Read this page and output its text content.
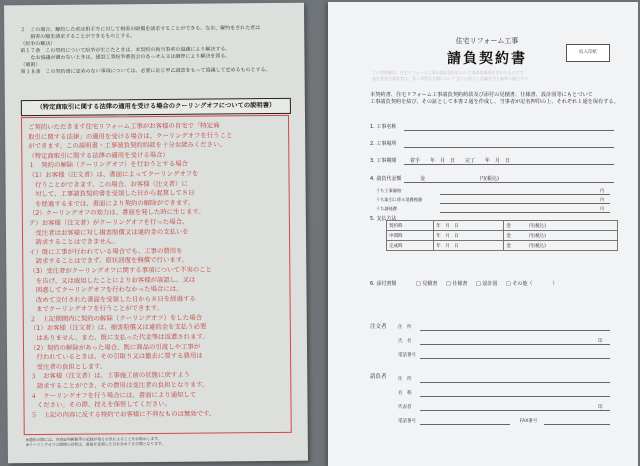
２　この場合、解約した者は相手方に対して損害の賠償を請求することができる。なお、解約をされた者は
　　損害の額を請求することができるものとする。
（紛争の解決）
第１７条　この契約について紛争が生じたときは、本契約の両当事者の協議により解決する。
　　なお協議が調わないときは、建設工事紛争審査会のあっせん又は調停により解決を図る。
（補則）
第１８条　この契約書に定めのない事項については、必要に応じ甲乙誠意をもって協議して定めるものとする。
（特定商取引に関する法律の適用を受ける場合のクーリングオフについての説明書）
ご契約いただきます住宅リフォーム工事がお客様の自宅で「特定商
取引に関する法律」の適用を受ける場合は、クーリングオフを行うこと
ができます。この説明書・工事請負契約約款を十分お読みください。
（特定商取引に関する法律の適用を受ける場合）
１　契約の解除（クーリングオフ）を行おうとする場合
（1）お客様（注文者）は、書面によってクーリングオフを
　行うことができます。この場合、お客様（注文者）に
　対して、工事請負契約書を受領した日から起算して８日
　を経過するまでは、書面により契約の解除ができます。
（2）クーリングオフの効力は、書面を発した時に生じます。
ア）お客様（注文者）がクーリングオフを行った場合、
　受注者はお客様に対し損害賠償又は違約金の支払いを
　請求することはできません。
イ）既に工事が行われている場合でも、工事の費用を
　請求することはできず、原状回復を無償で行います。
（3）受注者がクーリングオフに関する事項について不実のこと
　を告げ、又は威迫したことによりお客様が誤認し、又は
　困惑してクーリングオフを行わなかった場合には、
　改めて交付された書面を受領した日から８日を経過する
　までクーリングオフを行うことができます。
２　上記期間内に契約の解除（クーリングオフ）をした場合
（1）お客様（注文者）は、損害賠償又は違約金を支払う必要
　はありません。また、既に支払った代金等は返還されます。
（2）契約の解除があった場合、既に商品の引渡しや工事が
　行われているときは、その引取り又は撤去に要する費用は
　受注者の負担とします。
３　お客様（注文者）は、工事施工前の状態に戻すよう
　請求することができ、その費用は受注者の負担となります。
４　クーリングオフを行う場合には、書面により通知して
　ください。その際、控えを保管してください。
５　上記の内容に反する特約でお客様に不利なものは無効です。
※通知の際には、内容証明郵便等の記録が残る方法によることをお勧めします。
※クーリングオフの期間の計算は、書面を受領した日を含めて８日間となります。
収入印紙
住宅リフォーム工事
請負契約書
この契約書は、住宅リフォーム工事の請負契約について基本的事項を定めたものです
発注者及び請負者は、各々対等な立場において互いに協力し信義を守り誠実に履行する
本契約書、住宅リフォーム工事請負契約約款及び添付の見積書、仕様書、設計図等にもとづいて
工事請負契約を結び、その証として本書２通を作成し、当事者が記名押印の上、それぞれ１通を保有する。
1. 工事名称
2. 工事場所
3. 工事期間	着手　　年　月　日　　完了　　年　月　日
4. 請負代金額	金　　　　　　　　　　　円(税込)
うち工事価格	円
うち取引に係る消費税額	円
うち諸経費	円
5. 支払方法
契約時	年　月　日	金　　　　円(税込)
中間時	年　月　日	金　　　　円(税込)
完成時	年　月　日	金　　　　円(税込)
6. 添付書類	□ 見積書 □ 仕様書 □ 設計図 □ その他（　　　　）
注文者	住　所
氏　名	印
電話番号
請負者	住　所
名　称
代表者	印
電話番号	FAX番号
